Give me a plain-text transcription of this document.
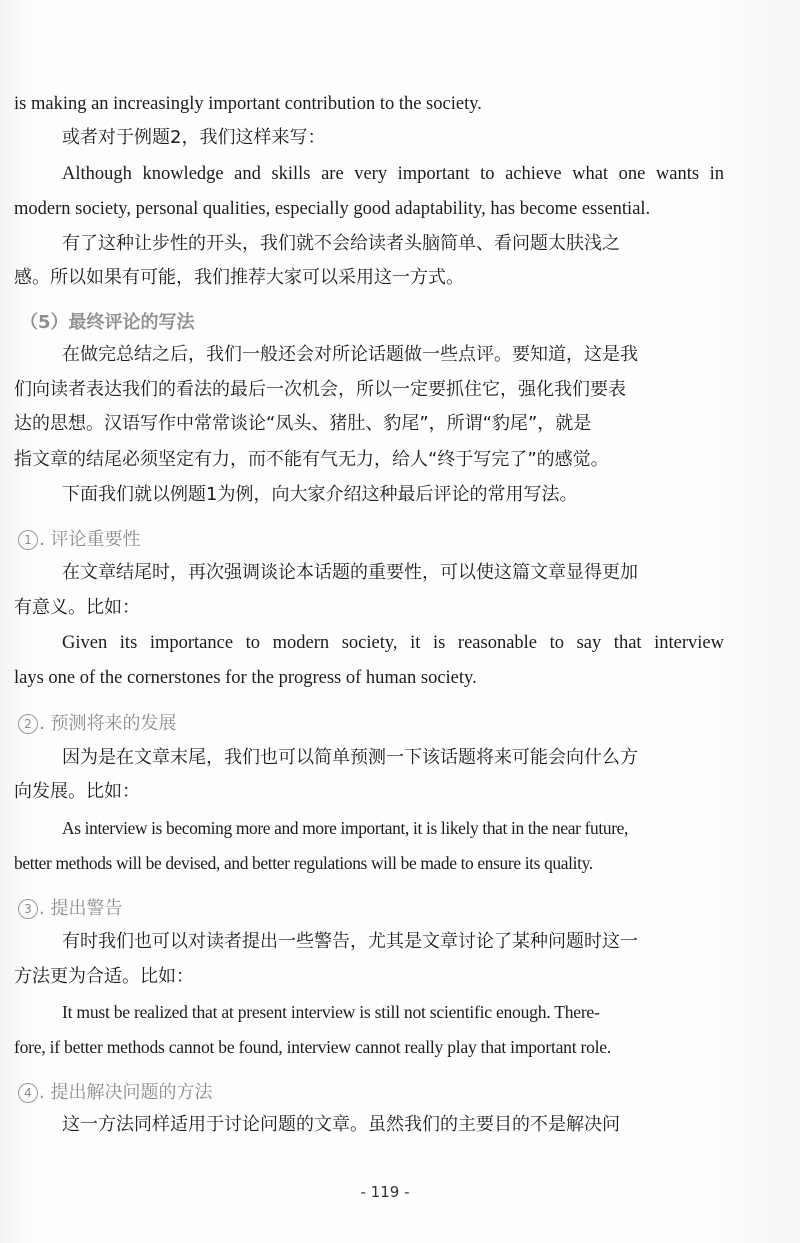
is making an increasingly important contribution to the society.
或者对于例题2，我们这样来写：
Although knowledge and skills are very important to achieve what one wants in
modern society, personal qualities, especially good adaptability, has become essential.
有了这种让步性的开头，我们就不会给读者头脑简单、看问题太肤浅之
感。所以如果有可能，我们推荐大家可以采用这一方式。
（5）最终评论的写法
在做完总结之后，我们一般还会对所论话题做一些点评。要知道，这是我
们向读者表达我们的看法的最后一次机会，所以一定要抓住它，强化我们要表
达的思想。汉语写作中常常谈论“凤头、猪肚、豹尾”，所谓“豹尾”，就是
指文章的结尾必须坚定有力，而不能有气无力，给人“终于写完了”的感觉。
下面我们就以例题1为例，向大家介绍这种最后评论的常用写法。
1 . 评论重要性
在文章结尾时，再次强调谈论本话题的重要性，可以使这篇文章显得更加
有意义。比如：
Given its importance to modern society, it is reasonable to say that interview
lays one of the cornerstones for the progress of human society.
2 . 预测将来的发展
因为是在文章末尾，我们也可以简单预测一下该话题将来可能会向什么方
向发展。比如：
As interview is becoming more and more important, it is likely that in the near future,
better methods will be devised, and better regulations will be made to ensure its quality.
3 . 提出警告
有时我们也可以对读者提出一些警告，尤其是文章讨论了某种问题时这一
方法更为合适。比如：
It must be realized that at present interview is still not scientific enough. There-
fore, if better methods cannot be found, interview cannot really play that important role.
4 . 提出解决问题的方法
这一方法同样适用于讨论问题的文章。虽然我们的主要目的不是解决问
- 119 -
